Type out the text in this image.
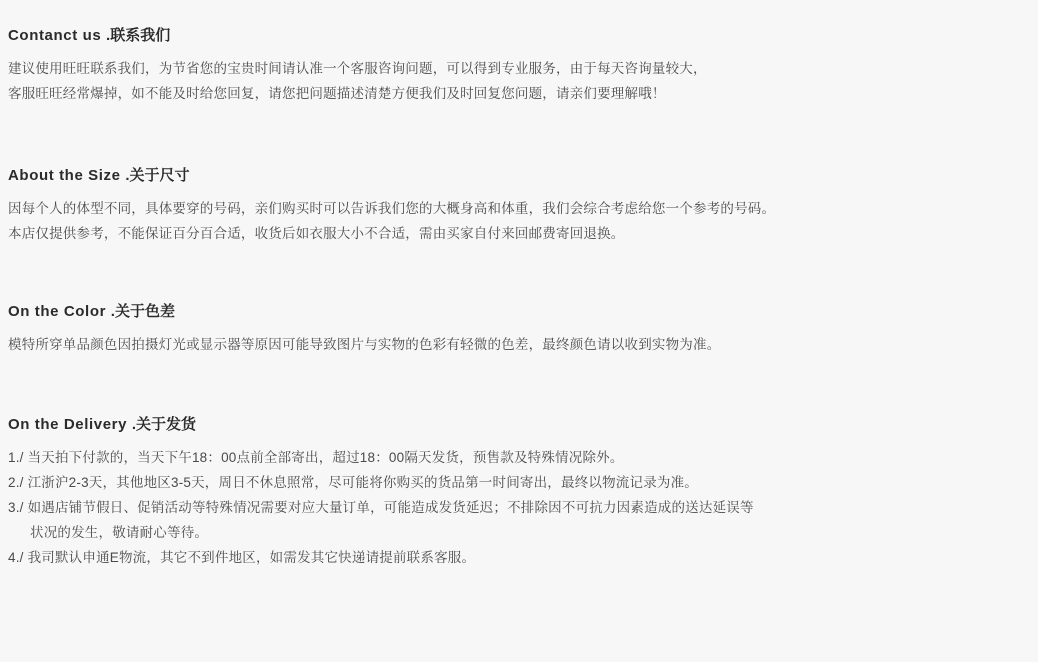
Contanct us .联系我们
建议使用旺旺联系我们，为节省您的宝贵时间请认准一个客服咨询问题，可以得到专业服务，由于每天咨询量较大，
客服旺旺经常爆掉，如不能及时给您回复，请您把问题描述清楚方便我们及时回复您问题，请亲们要理解哦！
About the Size .关于尺寸
因每个人的体型不同，具体要穿的号码，亲们购买时可以告诉我们您的大概身高和体重，我们会综合考虑给您一个参考的号码。
本店仅提供参考，不能保证百分百合适，收货后如衣服大小不合适，需由买家自付来回邮费寄回退换。
On the Color .关于色差
模特所穿单品颜色因拍摄灯光或显示器等原因可能导致图片与实物的色彩有轻微的色差，最终颜色请以收到实物为准。
On the Delivery .关于发货
1./ 当天拍下付款的，当天下午18：00点前全部寄出，超过18：00隔天发货，预售款及特殊情况除外。
2./ 江浙沪2-3天，其他地区3-5天，周日不休息照常，尽可能将你购买的货品第一时间寄出，最终以物流记录为准。
3./ 如遇店铺节假日、促销活动等特殊情况需要对应大量订单，可能造成发货延迟；不排除因不可抗力因素造成的送达延误等
状况的发生，敬请耐心等待。
4./ 我司默认申通E物流，其它不到件地区，如需发其它快递请提前联系客服。
